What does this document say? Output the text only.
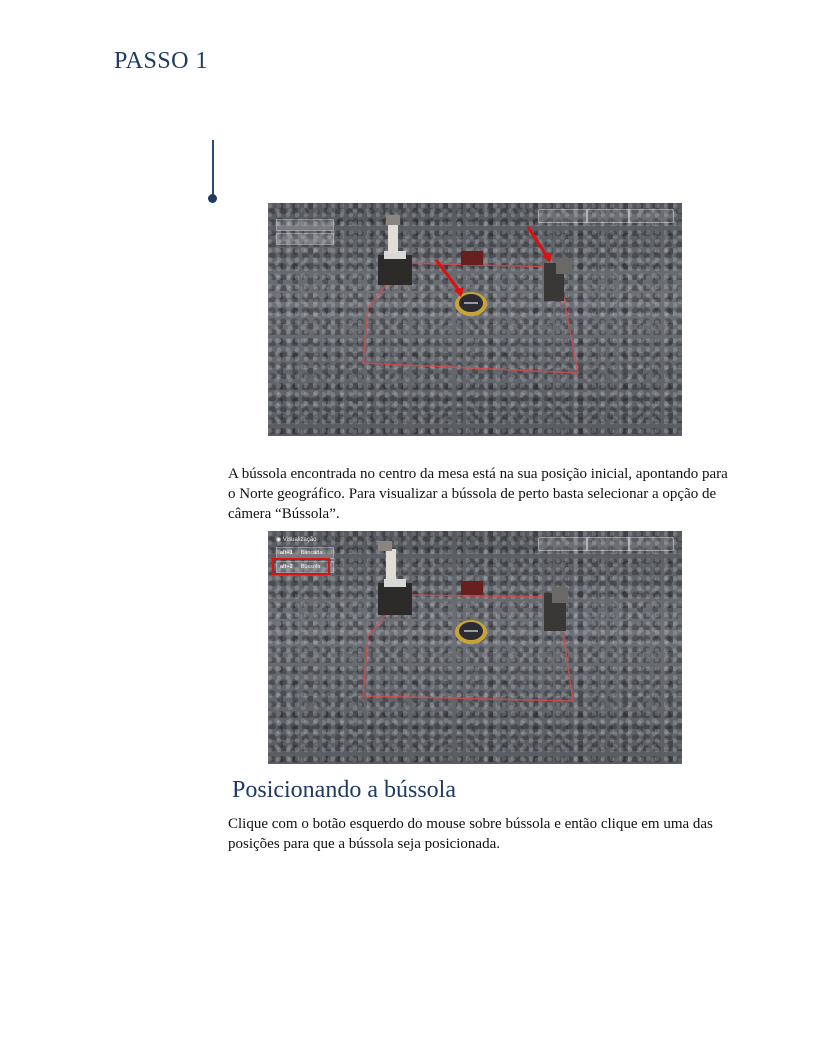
PASSO 1
A bússola encontrada no centro da mesa está na sua posição inicial, apontando para o Norte geográfico. Para visualizar a bússola de perto basta selecionar a opção de câmera “Bússola”.
◉ Visualização
alt+1 Bancada
alt+2 Bússola
Posicionando a bússola
Clique com o botão esquerdo do mouse sobre bússola e então clique em uma das posições para que a bússola seja posicionada.
